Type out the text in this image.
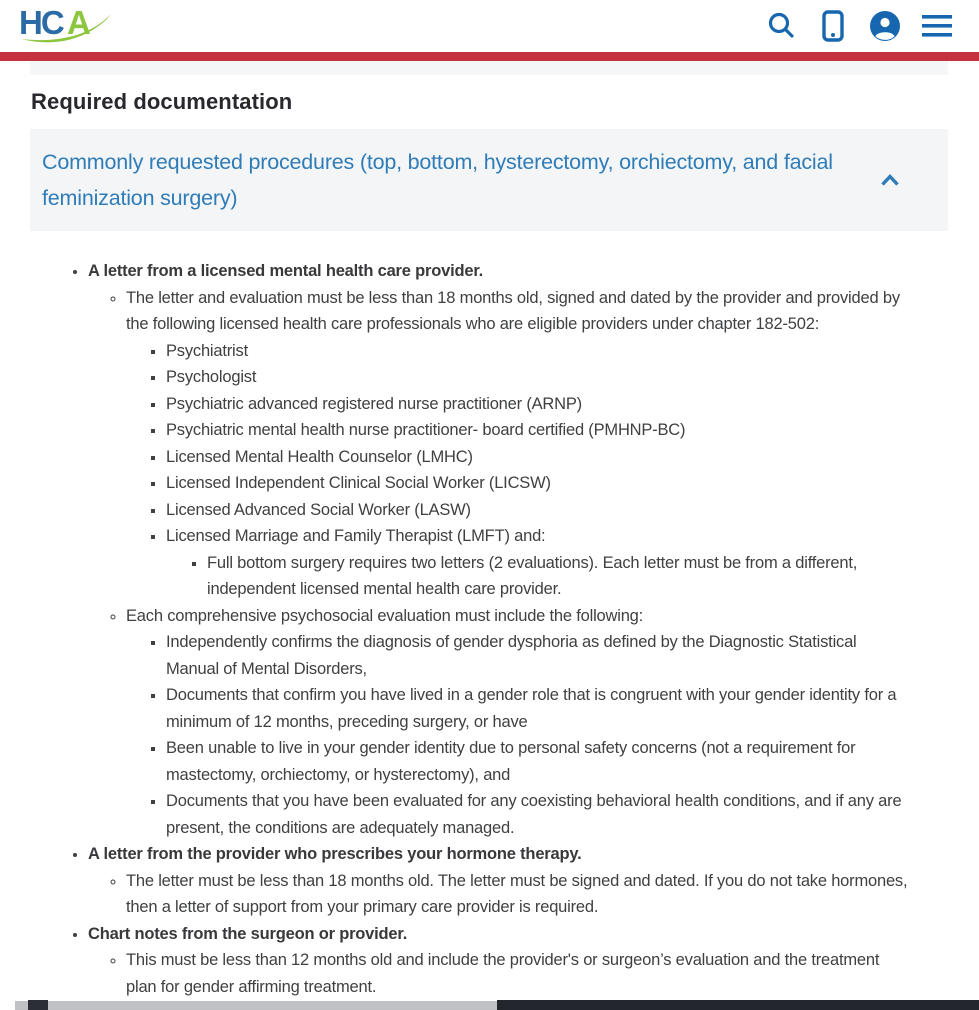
HC A
Required documentation
Commonly requested procedures (top, bottom, hysterectomy, orchiectomy, and facial feminization surgery)
• A letter from a licensed mental health care provider.
◦ The letter and evaluation must be less than 18 months old, signed and dated by the provider and provided by the following licensed health care professionals who are eligible providers under chapter 182-502:
▪ Psychiatrist
▪ Psychologist
▪ Psychiatric advanced registered nurse practitioner (ARNP)
▪ Psychiatric mental health nurse practitioner- board certified (PMHNP-BC)
▪ Licensed Mental Health Counselor (LMHC)
▪ Licensed Independent Clinical Social Worker (LICSW)
▪ Licensed Advanced Social Worker (LASW)
▪ Licensed Marriage and Family Therapist (LMFT) and:
▪ Full bottom surgery requires two letters (2 evaluations). Each letter must be from a different, independent licensed mental health care provider.
◦ Each comprehensive psychosocial evaluation must include the following:
▪ Independently confirms the diagnosis of gender dysphoria as defined by the Diagnostic Statistical Manual of Mental Disorders,
▪ Documents that confirm you have lived in a gender role that is congruent with your gender identity for a minimum of 12 months, preceding surgery, or have
▪ Been unable to live in your gender identity due to personal safety concerns (not a requirement for mastectomy, orchiectomy, or hysterectomy), and
▪ Documents that you have been evaluated for any coexisting behavioral health conditions, and if any are present, the conditions are adequately managed.
• A letter from the provider who prescribes your hormone therapy.
◦ The letter must be less than 18 months old. The letter must be signed and dated. If you do not take hormones, then a letter of support from your primary care provider is required.
• Chart notes from the surgeon or provider.
◦ This must be less than 12 months old and include the provider's or surgeon’s evaluation and the treatment plan for gender affirming treatment.
